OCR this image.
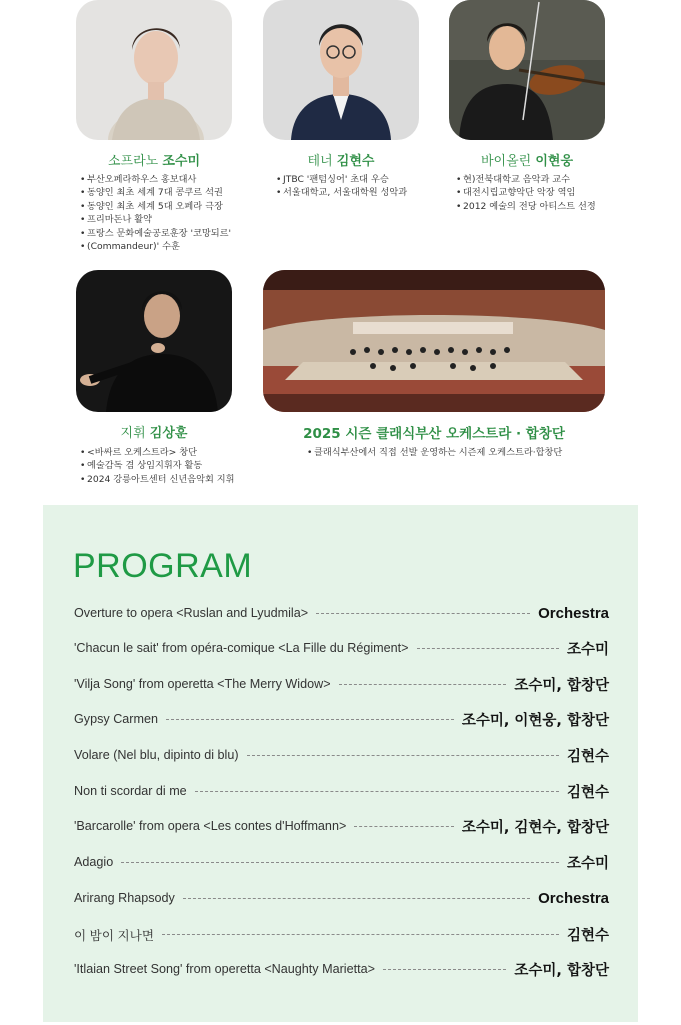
소프라노 조수미	테너 김현수	바이올린 이현웅
• 부산오페라하우스 홍보대사
• 동양인 최초 세계 7대 콩쿠르 석권
• 동양인 최초 세계 5대 오페라 극장
• 프리마돈나 활약
• 프랑스 문화예술공로훈장 '코망되르'
• (Commandeur)' 수훈
• JTBC '팬텀싱어' 초대 우승
• 서울대학교, 서울대학원 성악과
• 현)전북대학교 음악과 교수
• 대전시립교향악단 악장 역임
• 2012 예술의 전당 아티스트 선정
지휘 김상훈	2025 시즌 클래식부산 오케스트라 · 합창단
• <바싸르 오케스트라> 창단
• 예술감독 겸 상임지휘자 활동
• 2024 강릉아트센터 신년음악회 지휘
• 클래식부산에서 직접 선발 운영하는 시즌제 오케스트라·합창단
PROGRAM
Overture to opera <Ruslan and Lyudmila>	Orchestra
'Chacun le sait' from opéra-comique <La Fille du Régiment>	조수미
'Vilja Song' from operetta <The Merry Widow>	조수미, 합창단
Gypsy Carmen	조수미, 이현웅, 합창단
Volare (Nel blu, dipinto di blu)	김현수
Non ti scordar di me	김현수
'Barcarolle' from opera <Les contes d'Hoffmann>	조수미, 김현수, 합창단
Adagio	조수미
Arirang Rhapsody	Orchestra
이 밤이 지나면	김현수
'Itlaian Street Song' from operetta <Naughty Marietta>	조수미, 합창단
